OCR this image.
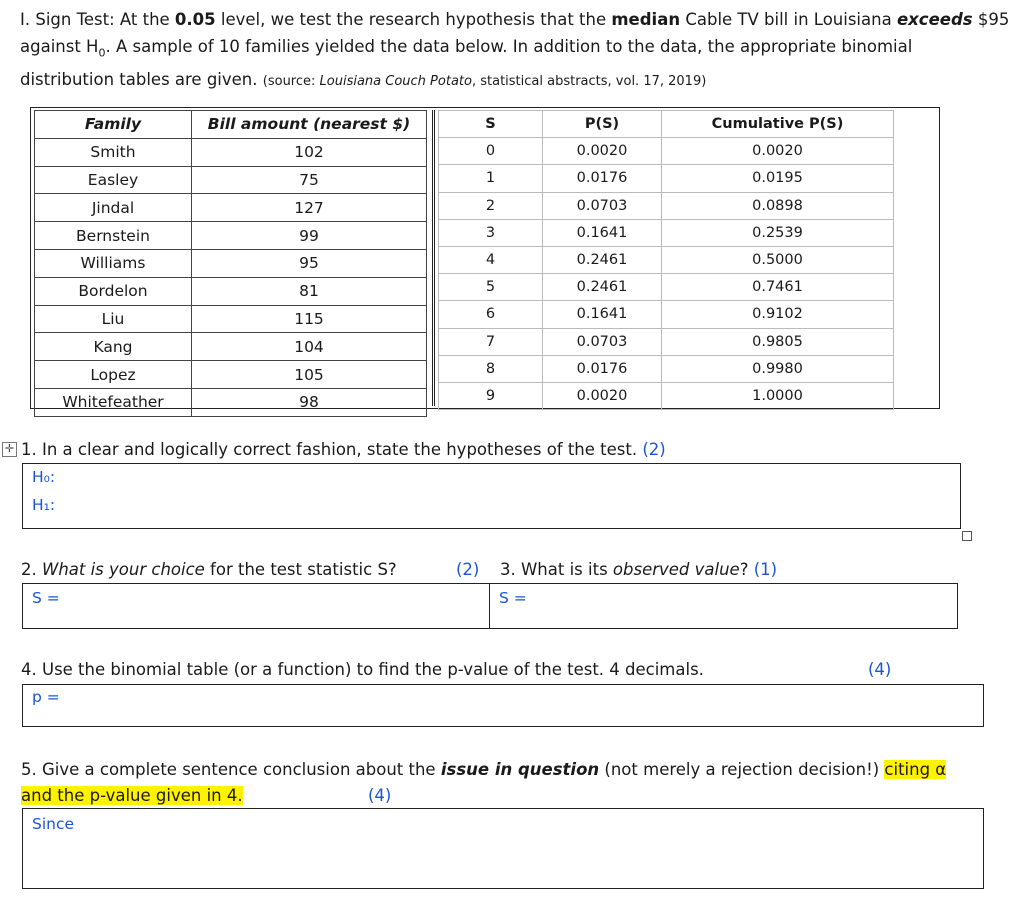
I. Sign Test: At the 0.05 level, we test the research hypothesis that the median Cable TV bill in Louisiana exceeds $95 against $H_0$. A sample of 10 families yielded the data below. In addition to the data, the appropriate binomial distribution tables are given. (source: Louisiana Couch Potato, statistical abstracts, vol. 17, 2019)
Family	Bill amount (nearest $)
Smith	102
Easley	75
Jindal	127
Bernstein	99
Williams	95
Bordelon	81
Liu	115
Kang	104
Lopez	105
Whitefeather	98
S	P(S)	Cumulative P(S)
0	0.0020	0.0020
1	0.0176	0.0195
2	0.0703	0.0898
3	0.1641	0.2539
4	0.2461	0.5000
5	0.2461	0.7461
6	0.1641	0.9102
7	0.0703	0.9805
8	0.0176	0.9980
9	0.0020	1.0000
✛ 1. In a clear and logically correct fashion, state the hypotheses of the test. (2)
H₀:
H₁:
2. What is your choice for the test statistic S?	(2) 3. What is its observed value? (1)
S =	S =
4. Use the binomial table (or a function) to find the p-value of the test. 4 decimals.	(4)
p =
5. Give a complete sentence conclusion about the issue in question (not merely a rejection decision!) citing α
and the p-value given in 4.	(4)
Since
